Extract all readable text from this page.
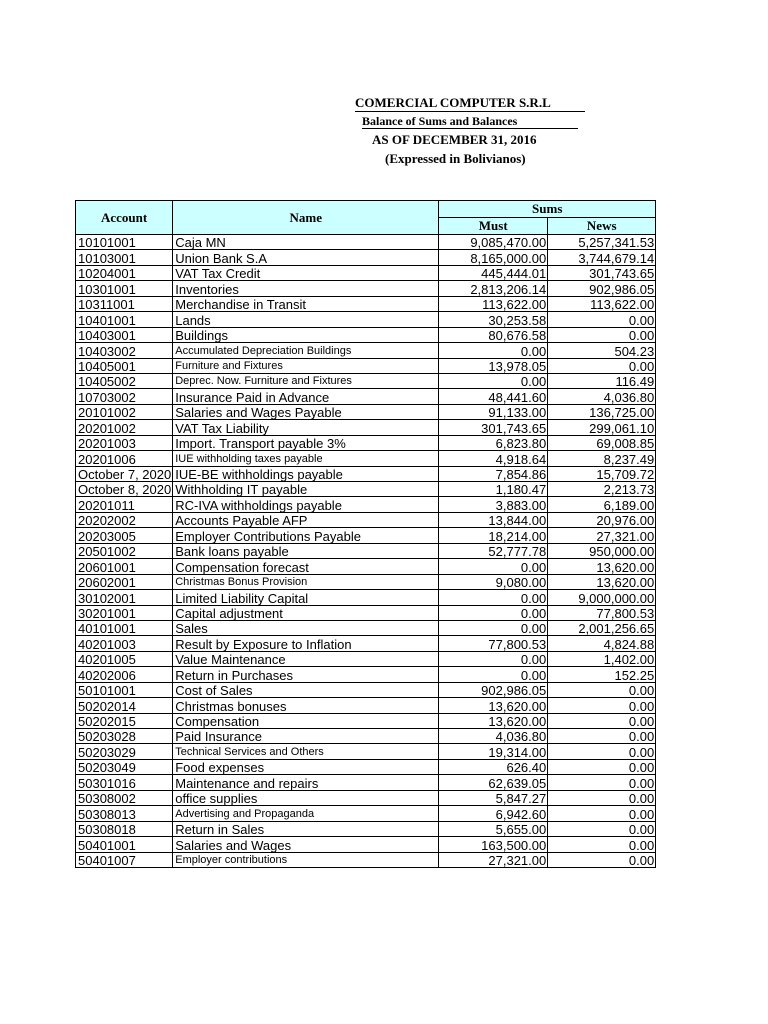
COMERCIAL COMPUTER S.R.L
Balance of Sums and Balances
AS OF DECEMBER 31, 2016
(Expressed in Bolivianos)
Account	Name	Sums	
		Must	News
10101001	Caja MN	9,085,470.00	5,257,341.53
10103001	Union Bank S.A	8,165,000.00	3,744,679.14
10204001	VAT Tax Credit	445,444.01	301,743.65
10301001	Inventories	2,813,206.14	902,986.05
10311001	Merchandise in Transit	113,622.00	113,622.00
10401001	Lands	30,253.58	0.00
10403001	Buildings	80,676.58	0.00
10403002	Accumulated Depreciation Buildings	0.00	504.23
10405001	Furniture and Fixtures	13,978.05	0.00
10405002	Deprec. Now. Furniture and Fixtures	0.00	116.49
10703002	Insurance Paid in Advance	48,441.60	4,036.80
20101002	Salaries and Wages Payable	91,133.00	136,725.00
20201002	VAT Tax Liability	301,743.65	299,061.10
20201003	Import. Transport payable 3%	6,823.80	69,008.85
20201006	IUE withholding taxes payable	4,918.64	8,237.49
October 7, 2020	IUE-BE withholdings payable	7,854.86	15,709.72
October 8, 2020	Withholding IT payable	1,180.47	2,213.73
20201011	RC-IVA withholdings payable	3,883.00	6,189.00
20202002	Accounts Payable AFP	13,844.00	20,976.00
20203005	Employer Contributions Payable	18,214.00	27,321.00
20501002	Bank loans payable	52,777.78	950,000.00
20601001	Compensation forecast	0.00	13,620.00
20602001	Christmas Bonus Provision	9,080.00	13,620.00
30102001	Limited Liability Capital	0.00	9,000,000.00
30201001	Capital adjustment	0.00	77,800.53
40101001	Sales	0.00	2,001,256.65
40201003	Result by Exposure to Inflation	77,800.53	4,824.88
40201005	Value Maintenance	0.00	1,402.00
40202006	Return in Purchases	0.00	152.25
50101001	Cost of Sales	902,986.05	0.00
50202014	Christmas bonuses	13,620.00	0.00
50202015	Compensation	13,620.00	0.00
50203028	Paid Insurance	4,036.80	0.00
50203029	Technical Services and Others	19,314.00	0.00
50203049	Food expenses	626.40	0.00
50301016	Maintenance and repairs	62,639.05	0.00
50308002	office supplies	5,847.27	0.00
50308013	Advertising and Propaganda	6,942.60	0.00
50308018	Return in Sales	5,655.00	0.00
50401001	Salaries and Wages	163,500.00	0.00
50401007	Employer contributions	27,321.00	0.00
